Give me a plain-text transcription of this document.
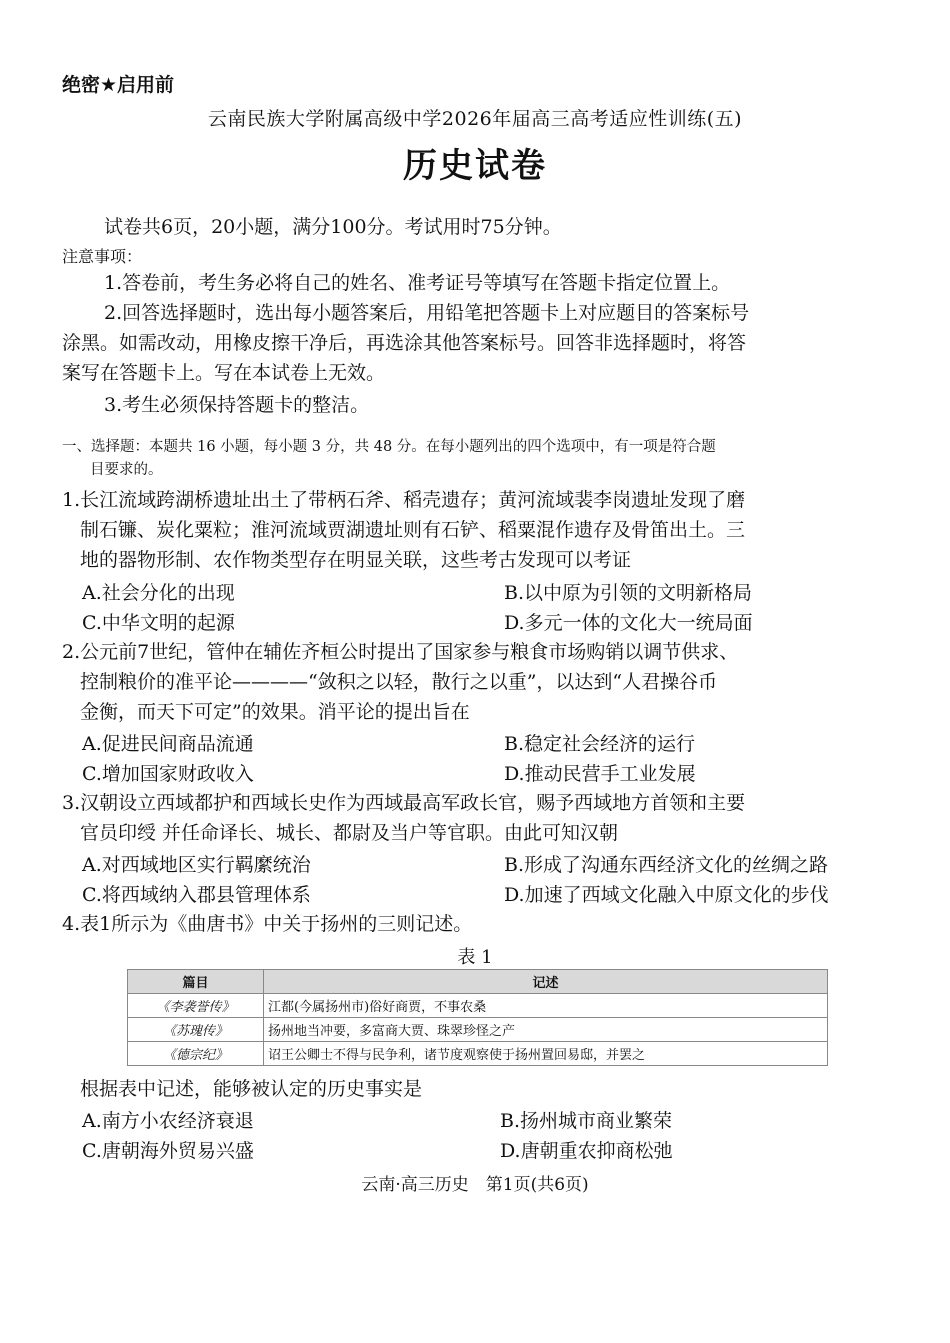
绝密★启用前
云南民族大学附属高级中学2026年届高三高考适应性训练(五)
历史试卷
试卷共6页，20小题，满分100分。考试用时75分钟。
注意事项：
1.答卷前，考生务必将自己的姓名、准考证号等填写在答题卡指定位置上。
2.回答选择题时，选出每小题答案后，用铅笔把答题卡上对应题目的答案标号
涂黑。如需改动，用橡皮擦干净后，再选涂其他答案标号。回答非选择题时，将答
案写在答题卡上。写在本试卷上无效。
3.考生必须保持答题卡的整洁。
一、选择题：本题共 16 小题，每小题 3 分，共 48 分。在每小题列出的四个选项中，有一项是符合题
目要求的。
1.长江流域跨湖桥遗址出土了带柄石斧、稻壳遗存；黄河流域裴李岗遗址发现了磨
制石镰、炭化粟粒；淮河流域贾湖遗址则有石铲、稻粟混作遗存及骨笛出土。三
地的器物形制、农作物类型存在明显关联，这些考古发现可以考证
A.社会分化的出现	B.以中原为引领的文明新格局
C.中华文明的起源	D.多元一体的文化大一统局面
2.公元前7世纪，管仲在辅佐齐桓公时提出了国家参与粮食市场购销以调节供求、
控制粮价的准平论————“敛积之以轻，散行之以重”，以达到“人君操谷币
金衡，而天下可定”的效果。消平论的提出旨在
A.促进民间商品流通	B.稳定社会经济的运行
C.增加国家财政收入	D.推动民营手工业发展
3.汉朝设立西域都护和西域长史作为西域最高军政长官，赐予西域地方首领和主要
官员印绶 并任命译长、城长、都尉及当户等官职。由此可知汉朝
A.对西域地区实行羁縻统治	B.形成了沟通东西经济文化的丝绸之路
C.将西域纳入郡县管理体系	D.加速了西域文化融入中原文化的步伐
4.表1所示为《曲唐书》中关于扬州的三则记述。
表 1
篇目	记述
《李袭誉传》	江都(今属扬州市)俗好商贾，不事农桑
《苏瑰传》	扬州地当冲要，多富商大贾、珠翠珍怪之产
《德宗纪》	诏王公卿士不得与民争利，诸节度观察使于扬州置回易邸，并罢之
根据表中记述，能够被认定的历史事实是
A.南方小农经济衰退	B.扬州城市商业繁荣
C.唐朝海外贸易兴盛	D.唐朝重农抑商松弛
云南·高三历史　第1页(共6页)
